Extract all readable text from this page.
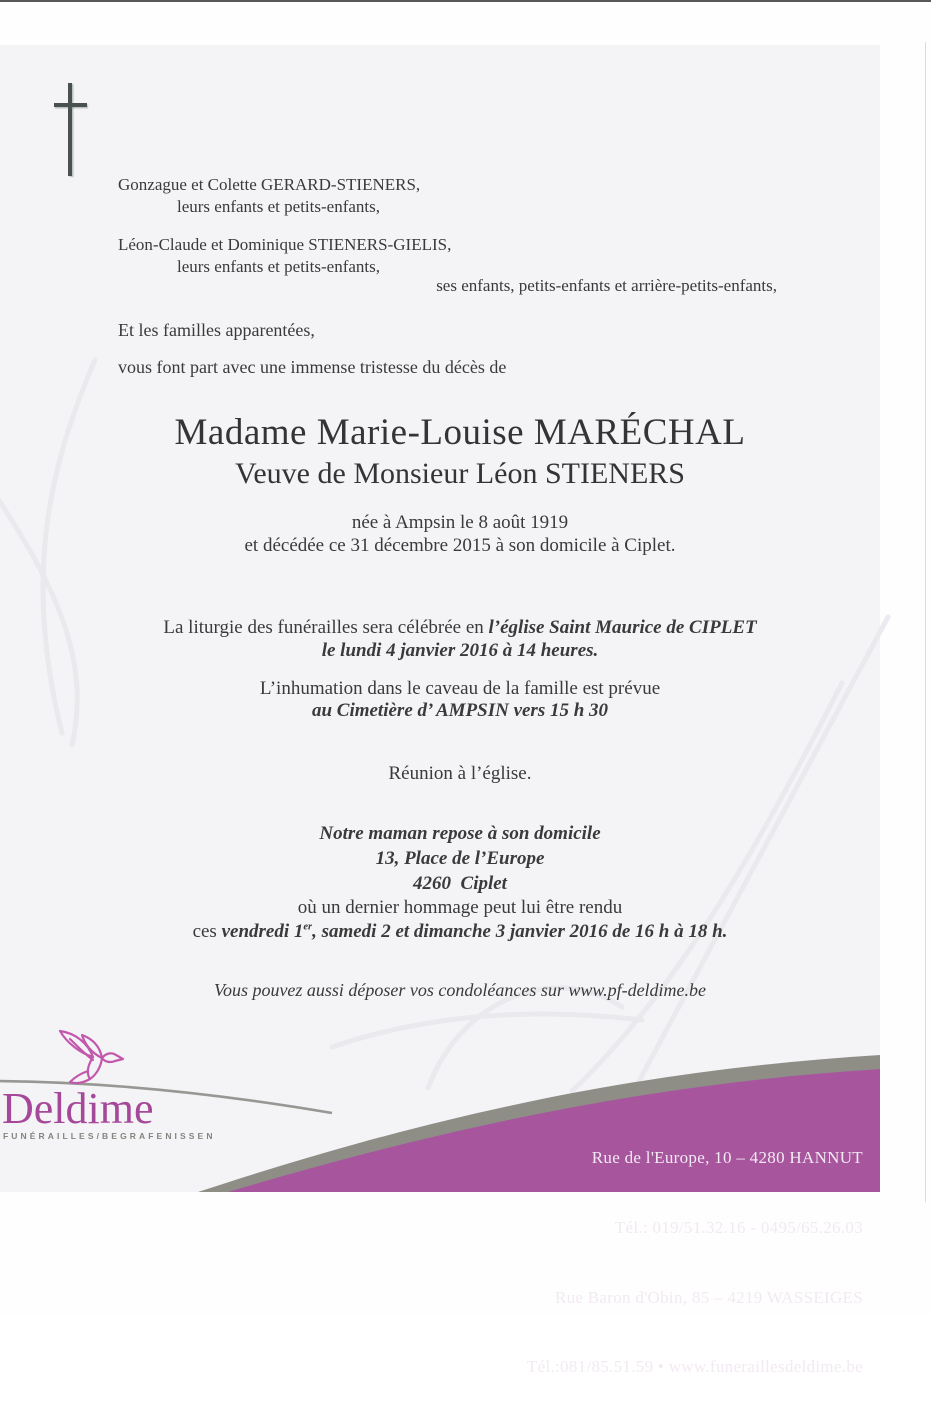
Gonzague et Colette GERARD-STIENERS,
leurs enfants et petits-enfants,
Léon-Claude et Dominique STIENERS-GIELIS,
leurs enfants et petits-enfants,
ses enfants, petits-enfants et arrière-petits-enfants,
Et les familles apparentées,
vous font part avec une immense tristesse du décès de
Madame Marie-Louise MARÉCHAL
Veuve de Monsieur Léon STIENERS
née à Ampsin le 8 août 1919
et décédée ce 31 décembre 2015 à son domicile à Ciplet.
La liturgie des funérailles sera célébrée en l’église Saint Maurice de CIPLET
le lundi 4 janvier 2016 à 14 heures.
L’inhumation dans le caveau de la famille est prévue
au Cimetière d’ AMPSIN vers 15 h 30
Réunion à l’église.
Notre maman repose à son domicile
13, Place de l’Europe
4260  Ciplet
où un dernier hommage peut lui être rendu
ces vendredi 1er, samedi 2 et dimanche 3 janvier 2016 de 16 h à 18 h.
Vous pouvez aussi déposer vos condoléances sur www.pf-deldime.be
Deldime
FUNÉRAILLES/BEGRAFENISSEN

Rue de l'Europe, 10 – 4280 HANNUT

Tél.: 019/51.32.16 - 0495/65.26.03

Rue Baron d'Obin, 85 – 4219 WASSEIGES

Tél.:081/85.51.59 • www.funeraillesdeldime.be
